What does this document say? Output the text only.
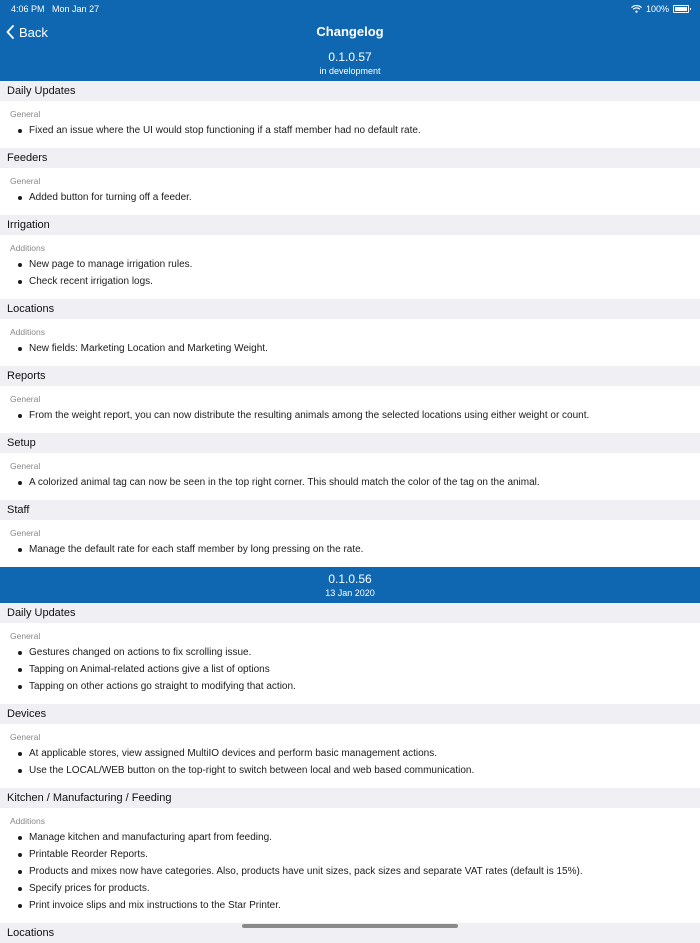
4:06 PM Mon Jan 27	100%
Back	Changelog
0.1.0.57
in development
Daily Updates
General
Fixed an issue where the UI would stop functioning if a staff member had no default rate.
Feeders
General
Added button for turning off a feeder.
Irrigation
Additions
New page to manage irrigation rules.
Check recent irrigation logs.
Locations
Additions
New fields: Marketing Location and Marketing Weight.
Reports
General
From the weight report, you can now distribute the resulting animals among the selected locations using either weight or count.
Setup
General
A colorized animal tag can now be seen in the top right corner. This should match the color of the tag on the animal.
Staff
General
Manage the default rate for each staff member by long pressing on the rate.
0.1.0.56
13 Jan 2020
Daily Updates
General
Gestures changed on actions to fix scrolling issue.
Tapping on Animal-related actions give a list of options
Tapping on other actions go straight to modifying that action.
Devices
General
At applicable stores, view assigned MultiIO devices and perform basic management actions.
Use the LOCAL/WEB button on the top-right to switch between local and web based communication.
Kitchen / Manufacturing / Feeding
Additions
Manage kitchen and manufacturing apart from feeding.
Printable Reorder Reports.
Products and mixes now have categories. Also, products have unit sizes, pack sizes and separate VAT rates (default is 15%).
Specify prices for products.
Print invoice slips and mix instructions to the Star Printer.
Locations
